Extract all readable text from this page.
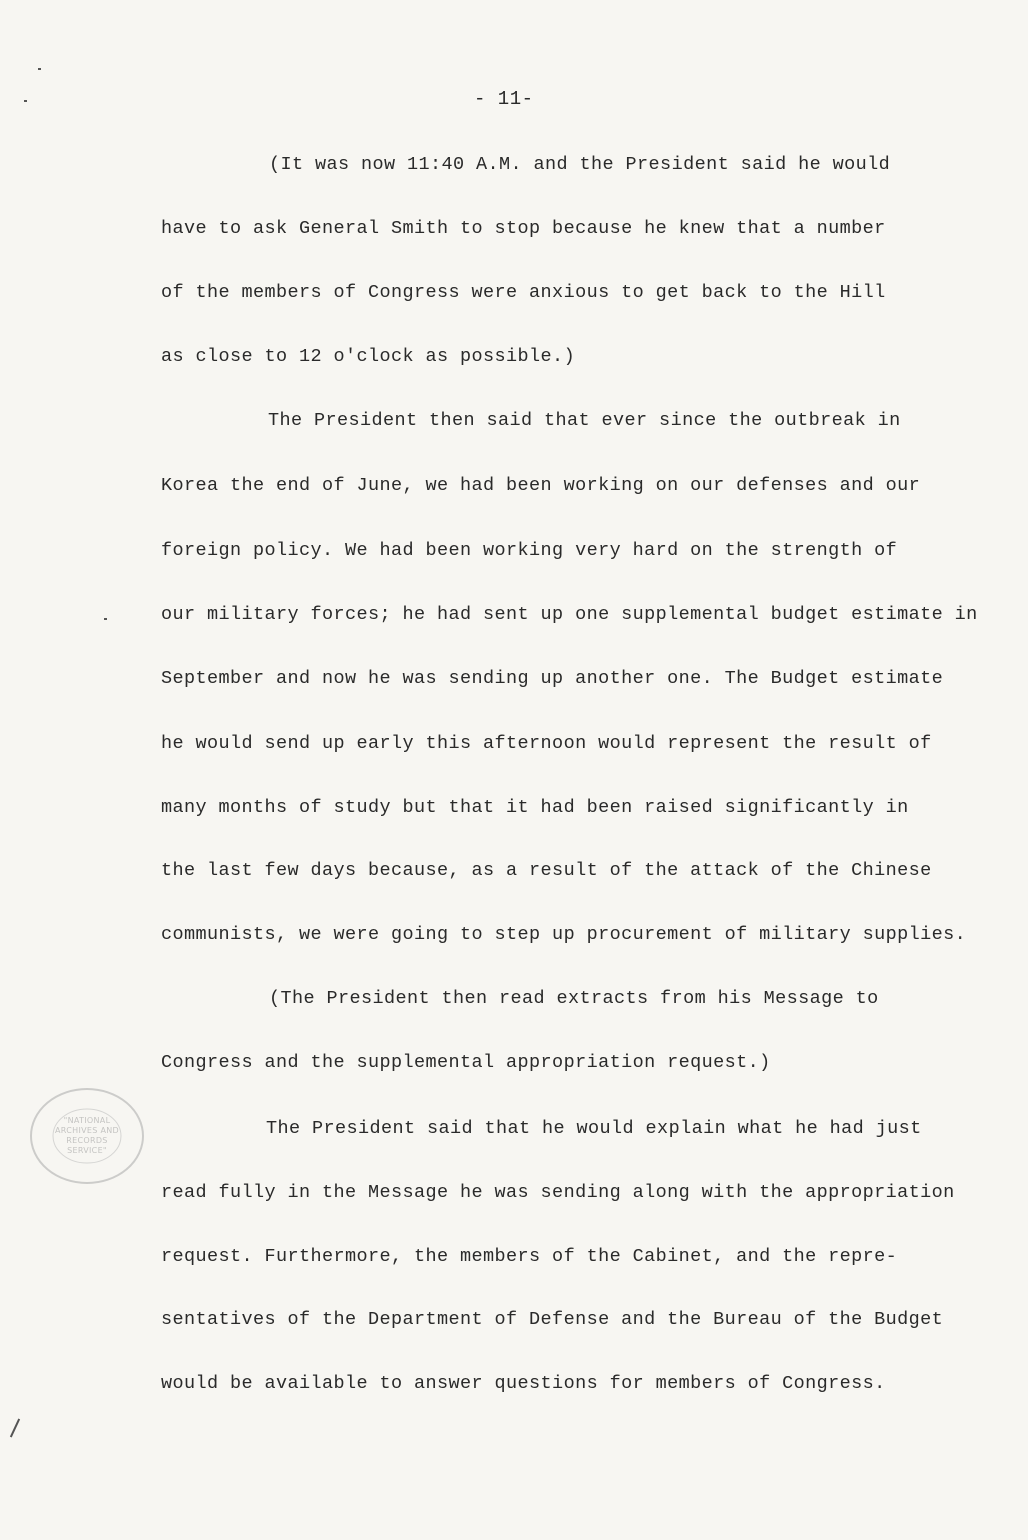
- 11-
(It was now 11:40 A.M. and the President said he would
have to ask General Smith to stop because he knew that a number
of the members of Congress were anxious to get back to the Hill
as close to 12 o'clock as possible.)
The President then said that ever since the outbreak in
Korea the end of June, we had been working on our defenses and our
foreign policy. We had been working very hard on the strength of
our military forces; he had sent up one supplemental budget estimate in
September and now he was sending up another one. The Budget estimate
he would send up early this afternoon would represent the result of
many months of study but that it had been raised significantly in
the last few days because, as a result of the attack of the Chinese
communists, we were going to step up procurement of military supplies.
(The President then read extracts from his Message to
Congress and the supplemental appropriation request.)
The President said that he would explain what he had just
read fully in the Message he was sending along with the appropriation
request. Furthermore, the members of the Cabinet, and the repre-
sentatives of the Department of Defense and the Bureau of the Budget
would be available to answer questions for members of Congress.
"NATIONAL
ARCHIVES AND
RECORDS
SERVICE"
